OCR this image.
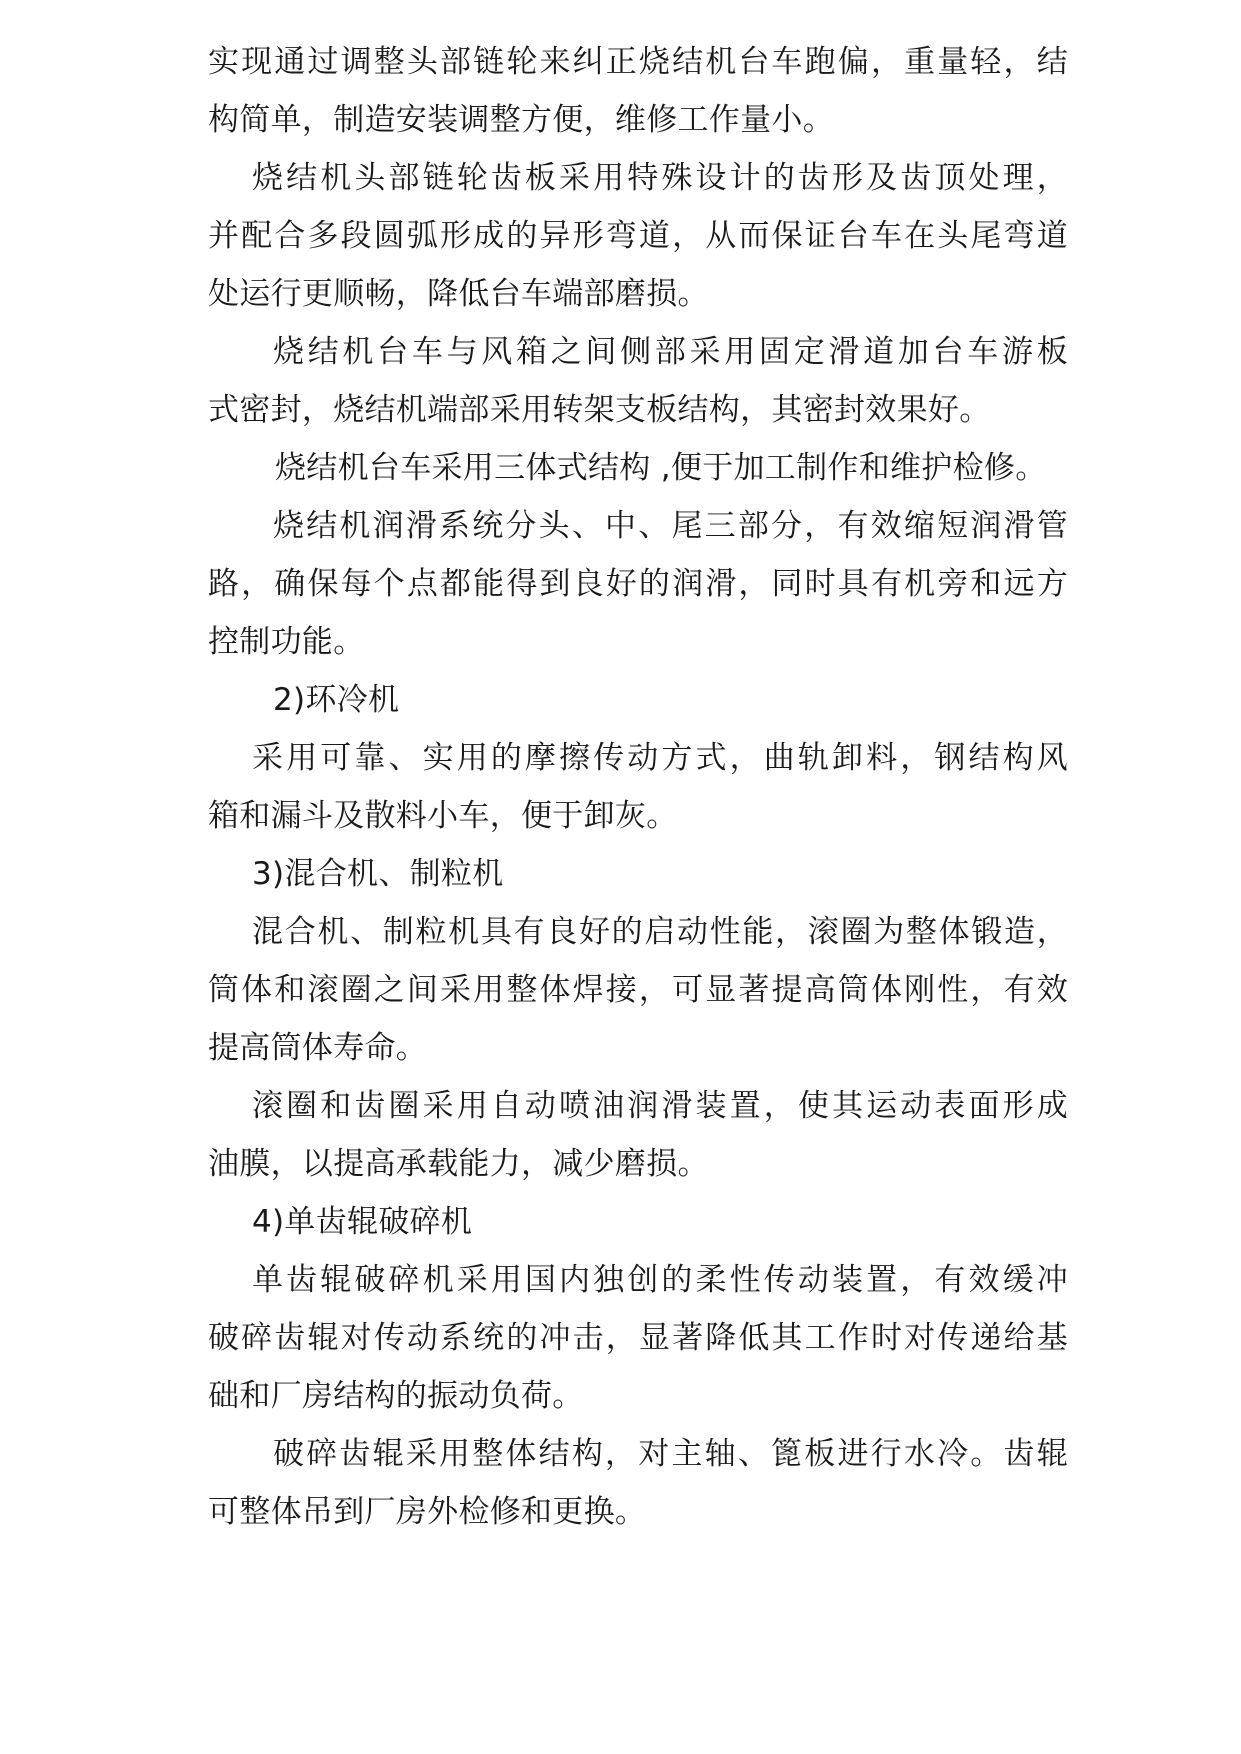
实现通过调整头部链轮来纠正烧结机台车跑偏，重量轻，结
构简单，制造安装调整方便，维修工作量小。
烧结机头部链轮齿板采用特殊设计的齿形及齿顶处理，
并配合多段圆弧形成的异形弯道，从而保证台车在头尾弯道
处运行更顺畅，降低台车端部磨损。
烧结机台车与风箱之间侧部采用固定滑道加台车游板
式密封，烧结机端部采用转架支板结构，其密封效果好。
烧结机台车采用三体式结构 ,便于加工制作和维护检修。
烧结机润滑系统分头、中、尾三部分，有效缩短润滑管
路，确保每个点都能得到良好的润滑，同时具有机旁和远方
控制功能。
2)环冷机
采用可靠、实用的摩擦传动方式，曲轨卸料，钢结构风
箱和漏斗及散料小车，便于卸灰。
3)混合机、制粒机
混合机、制粒机具有良好的启动性能，滚圈为整体锻造，
筒体和滚圈之间采用整体焊接，可显著提高筒体刚性，有效
提高筒体寿命。
滚圈和齿圈采用自动喷油润滑装置，使其运动表面形成
油膜，以提高承载能力，减少磨损。
4)单齿辊破碎机
单齿辊破碎机采用国内独创的柔性传动装置，有效缓冲
破碎齿辊对传动系统的冲击，显著降低其工作时对传递给基
础和厂房结构的振动负荷。
破碎齿辊采用整体结构，对主轴、篦板进行水冷。齿辊
可整体吊到厂房外检修和更换。
